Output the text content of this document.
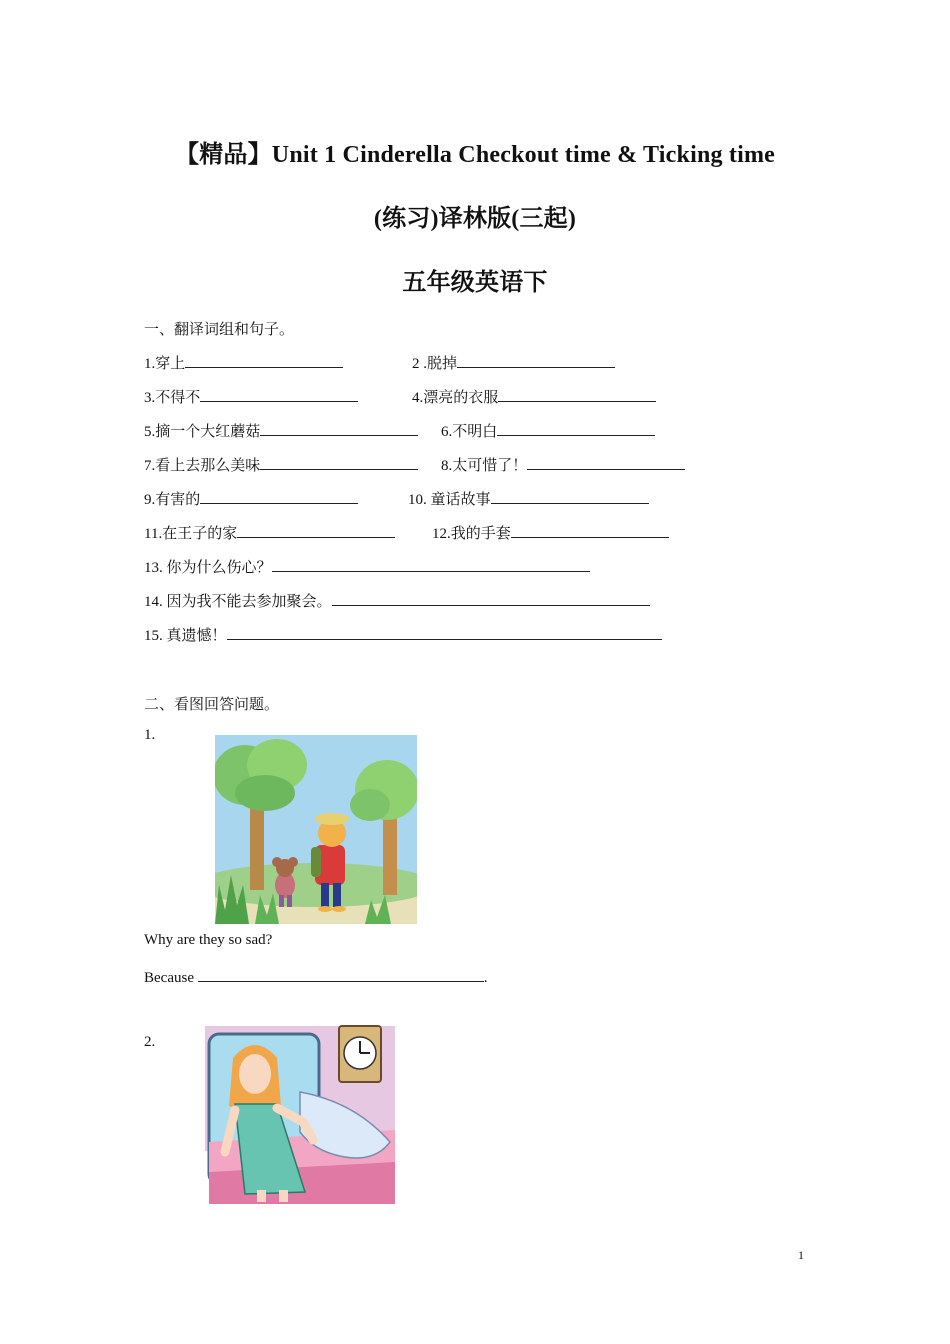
【精品】Unit 1 Cinderella Checkout time & Ticking time
(练习)译林版(三起)
五年级英语下
一、翻译词组和句子。
1.穿上	2 .脱掉
3.不得不	4.漂亮的衣服
5.摘一个大红蘑菇	6.不明白
7.看上去那么美味	8.太可惜了！
9.有害的	10. 童话故事
11.在王子的家	12.我的手套
13. 你为什么伤心？
14. 因为我不能去参加聚会。
15. 真遗憾！
二、看图回答问题。
1.
Why are they so sad?
Because	.
2.
1
